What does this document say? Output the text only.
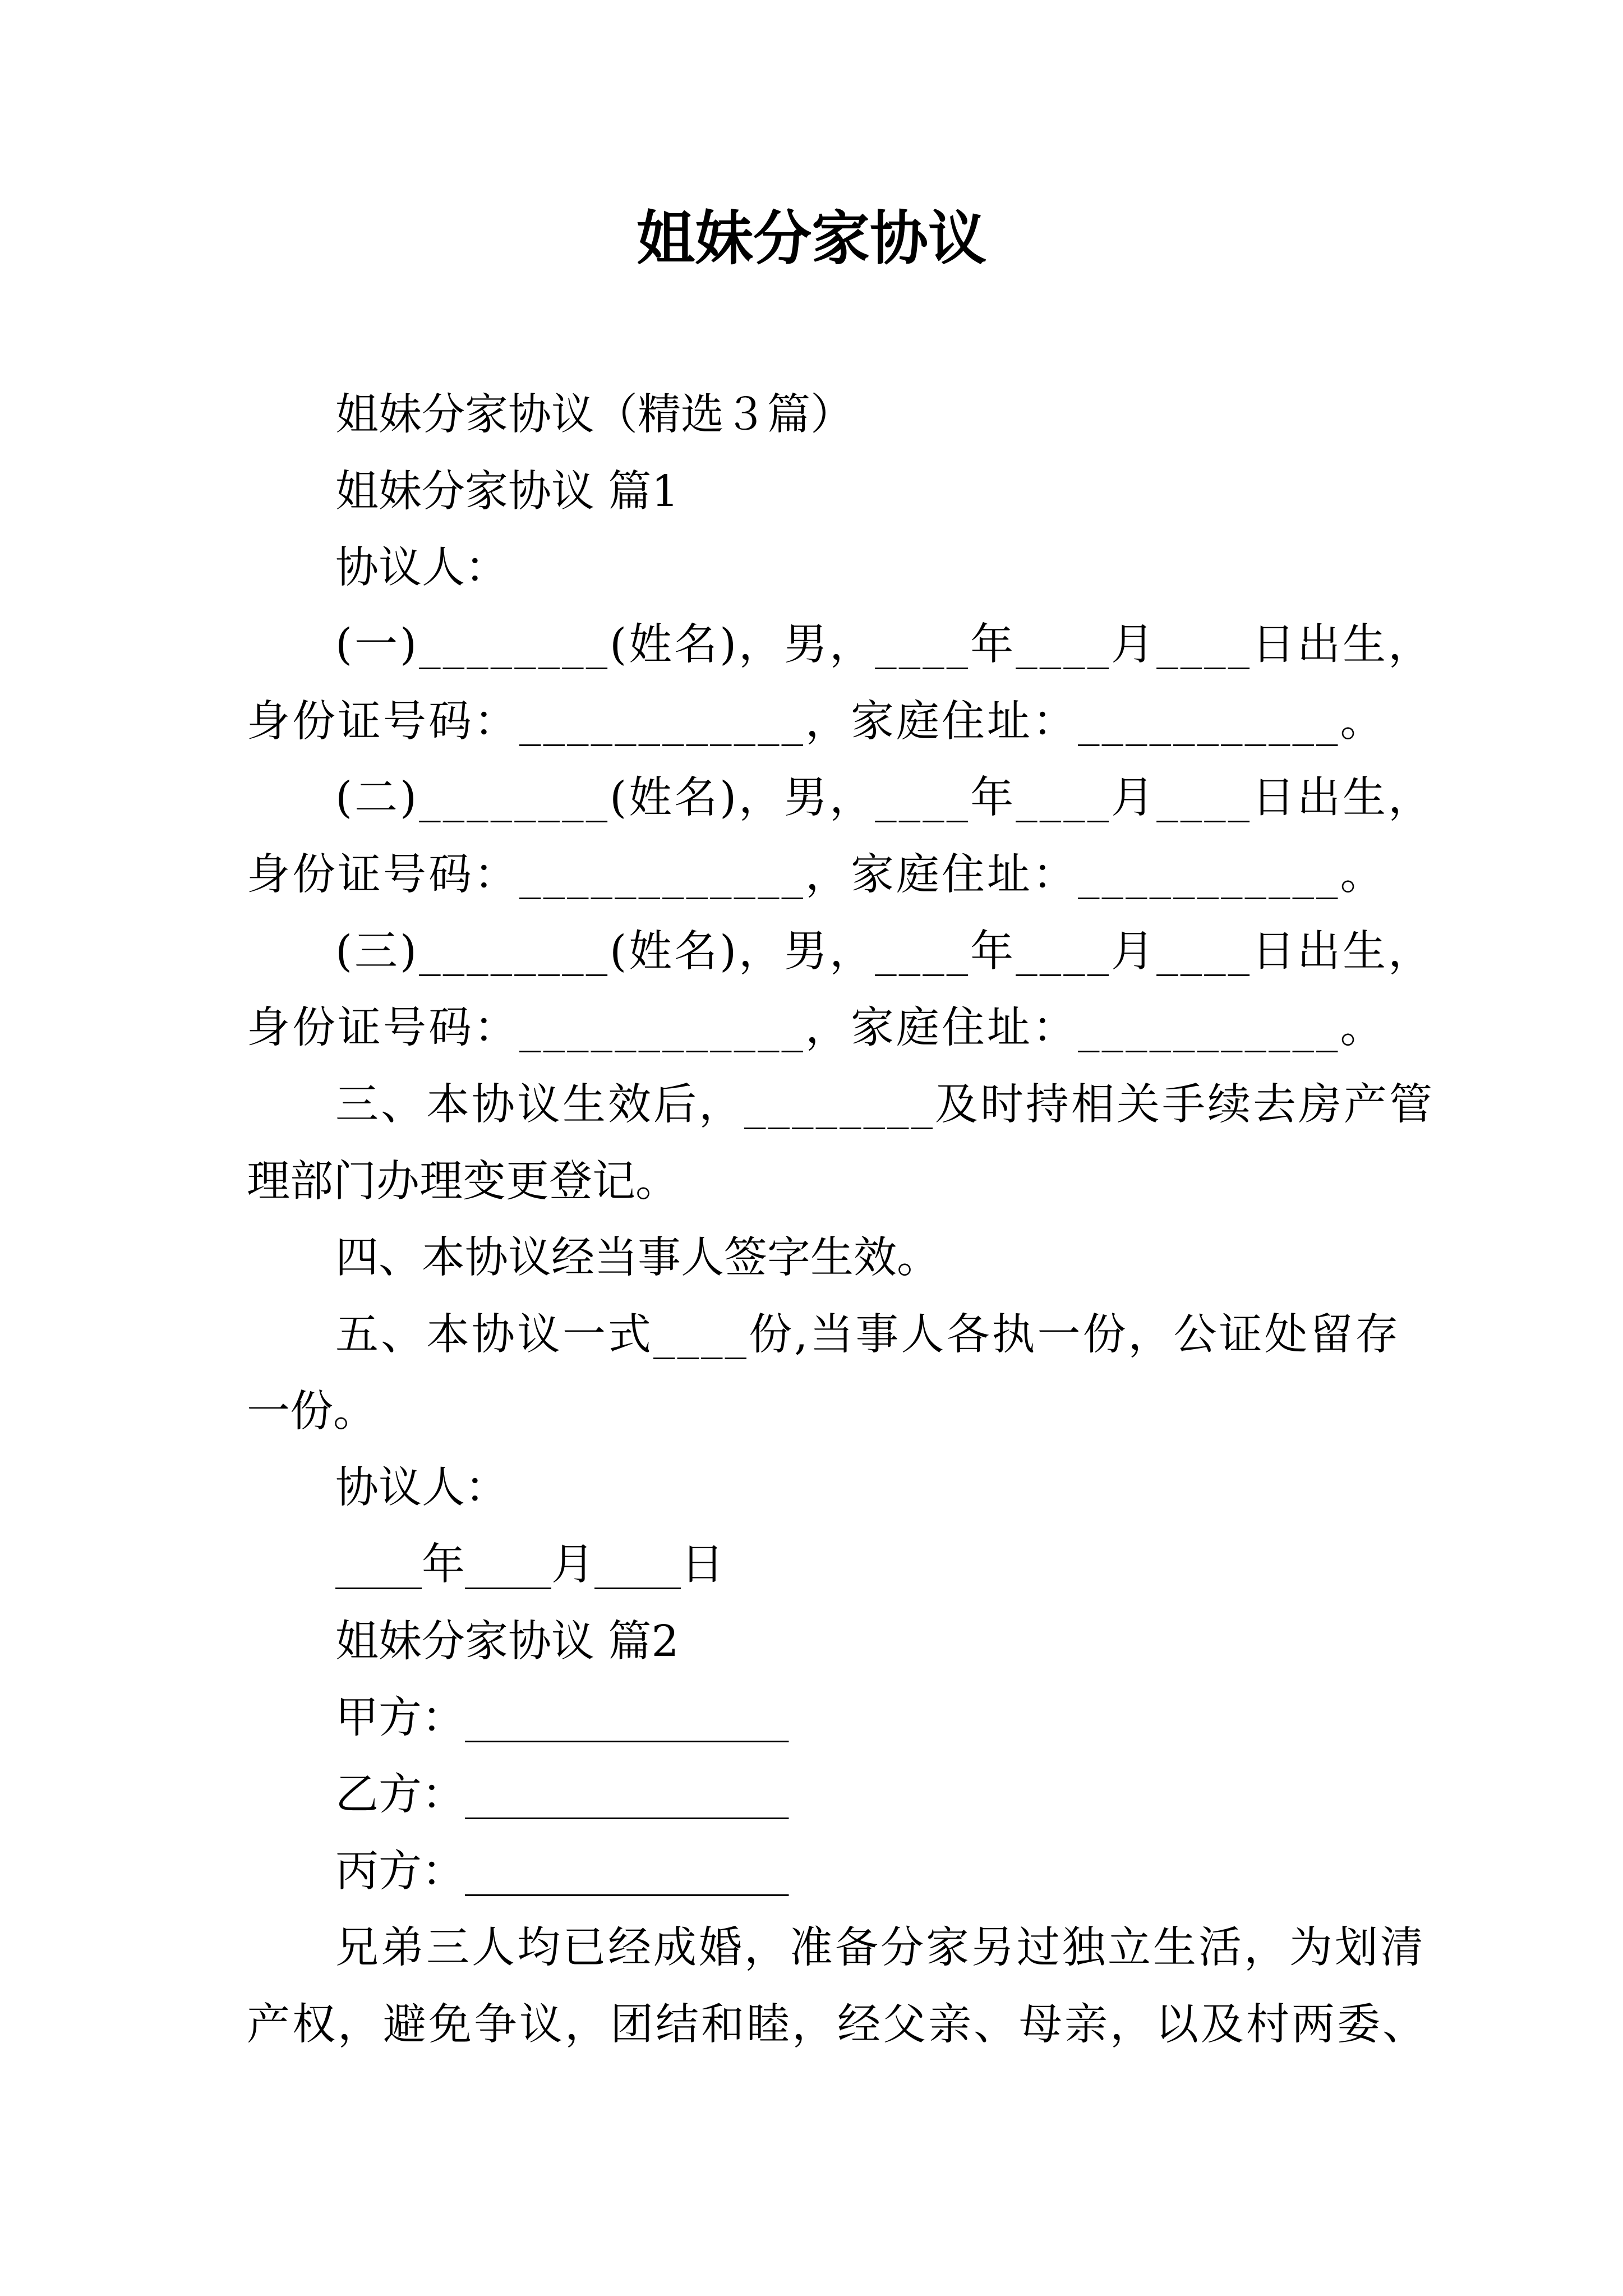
姐妹分家协议
姐妹分家协议（精选３篇）
姐妹分家协议 篇1
协议人：
(一)________(姓名)，男，____年____月____日出生，
身份证号码：____________，家庭住址：___________。
(二)________(姓名)，男，____年____月____日出生，
身份证号码：____________，家庭住址：___________。
(三)________(姓名)，男，____年____月____日出生，
身份证号码：____________，家庭住址：___________。
三、本协议生效后，________及时持相关手续去房产管
理部门办理变更登记。
四、本协议经当事人签字生效。
五、本协议一式____份,当事人各执一份，公证处留存
一份。
协议人：
____年____月____日
姐妹分家协议 篇2
甲方：_______________
乙方：_______________
丙方：_______________
兄弟三人均已经成婚，准备分家另过独立生活，为划清
产权，避免争议，团结和睦，经父亲、母亲，以及村两委、
